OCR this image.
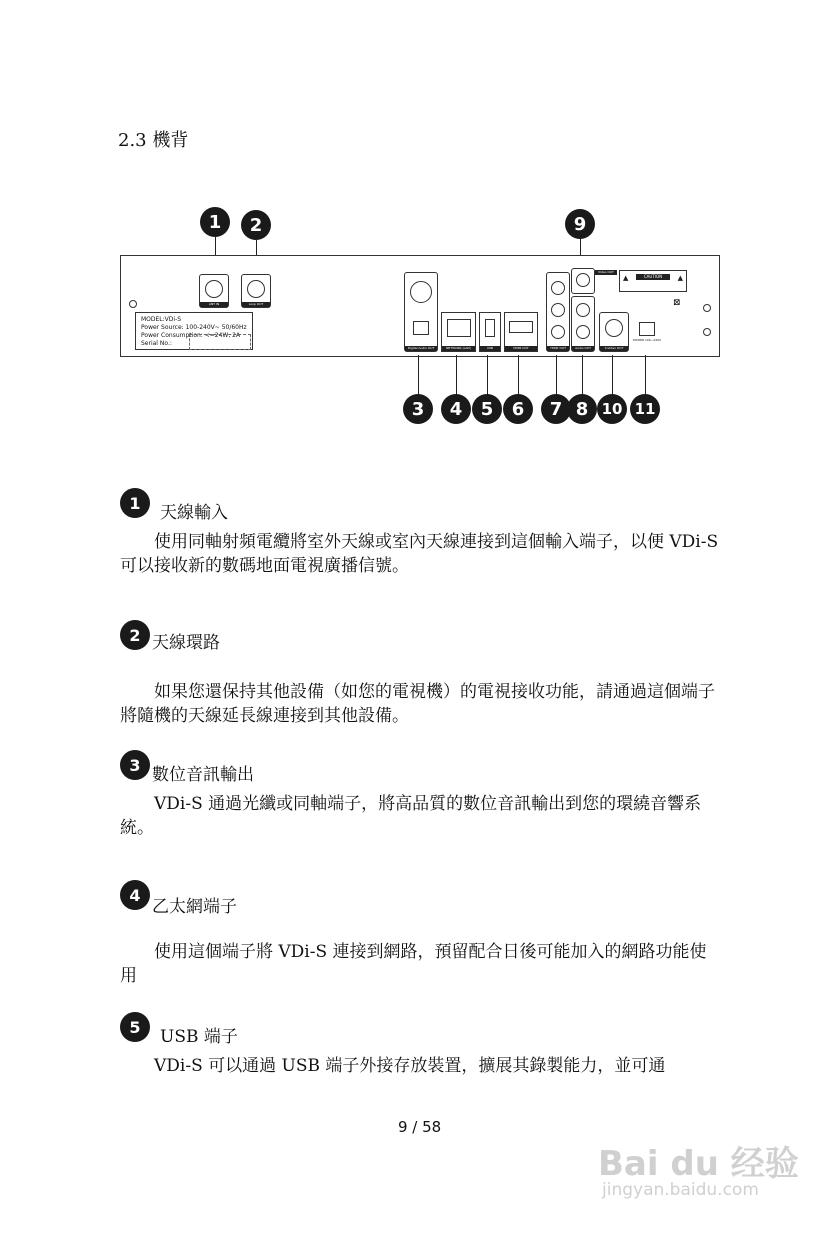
2.3 機背
1	2	9
ANT IN	Loop OUT
MODEL:VDi-S
Power Source: 100-240V~ 50/60Hz
Power Consumption: <=24W, 2A
Serial No.:
Digital Audio OUT	NETWORK (LAN)	USB	HDMI OUT	YPbPr OUT
Video OUT
Audio OUT	S-Video OUT
POWER 100~240V
▲	CAUTION	▲
⊠
3	4	5	6	7 8 10 11
1	天線輸入
使用同軸射頻電纜將室外天線或室內天線連接到這個輸入端子，以便 VDi-S 可以接收新的數碼地面電視廣播信號。
2 天線環路
如果您還保持其他設備（如您的電視機）的電視接收功能，請通過這個端子將隨機的天線延長線連接到其他設備。
3 數位音訊輸出
VDi-S 通過光纖或同軸端子，將高品質的數位音訊輸出到您的環繞音響系統。
4
乙太網端子
使用這個端子將 VDi-S 連接到網路，預留配合日後可能加入的網路功能使用
5	USB 端子
VDi-S 可以通過 USB 端子外接存放裝置，擴展其錄製能力，並可通
9 / 58
Bai du 经验
jingyan.baidu.com
